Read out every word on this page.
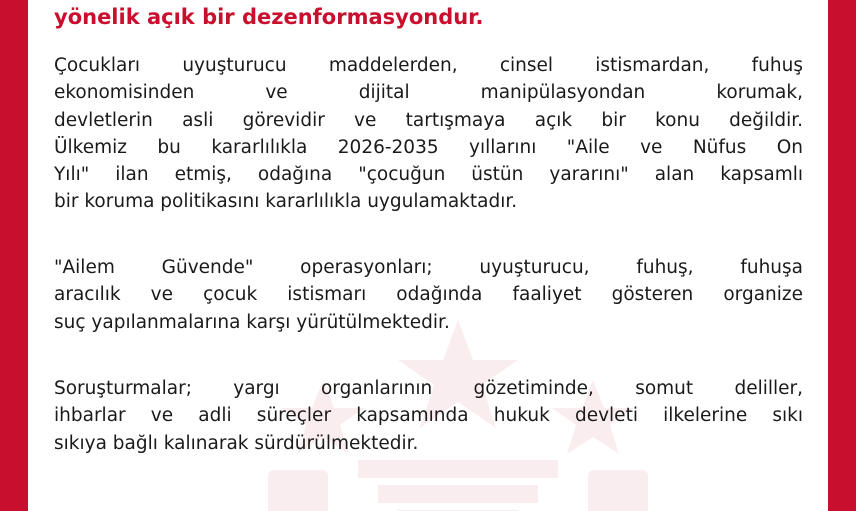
yönelik açık bir dezenformasyondur.

Çocukları uyuşturucu maddelerden, cinsel istismardan, fuhuş
ekonomisinden ve dijital manipülasyondan korumak,
devletlerin asli görevidir ve tartışmaya açık bir konu değildir.
Ülkemiz bu kararlılıkla 2026-2035 yıllarını "Aile ve Nüfus On
Yılı" ilan etmiş, odağına "çocuğun üstün yararını" alan kapsamlı
bir koruma politikasını kararlılıkla uygulamaktadır.

"Ailem Güvende" operasyonları; uyuşturucu, fuhuş, fuhuşa
aracılık ve çocuk istismarı odağında faaliyet gösteren organize
suç yapılanmalarına karşı yürütülmektedir.

Soruşturmalar; yargı organlarının gözetiminde, somut deliller,
ihbarlar ve adli süreçler kapsamında hukuk devleti ilkelerine sıkı
sıkıya bağlı kalınarak sürdürülmektedir.
